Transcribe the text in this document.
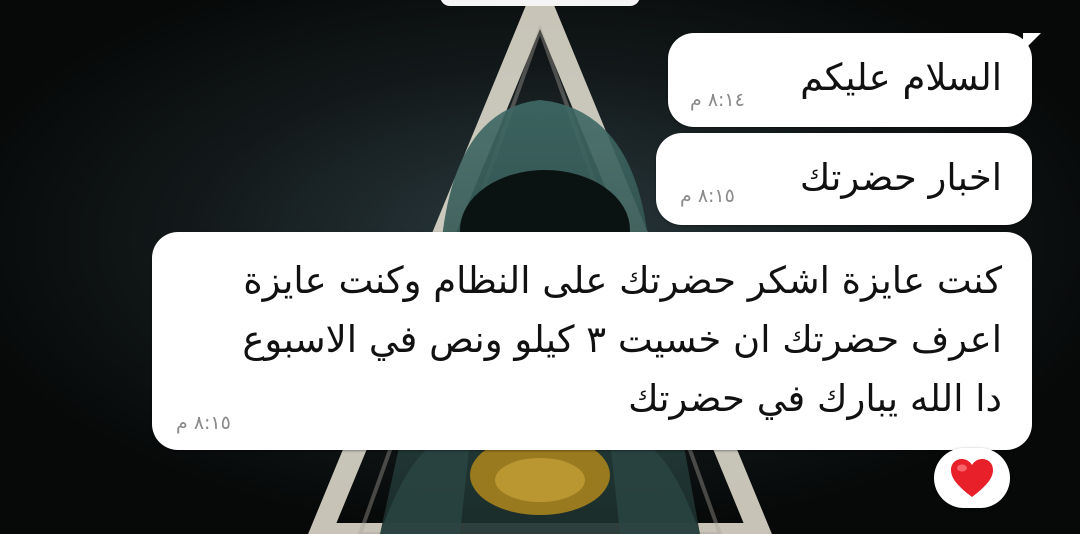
السلام عليكم
٨:١٤ م
اخبار حضرتك
٨:١٥ م
كنت عايزة اشكر حضرتك على النظام وكنت عايزة
اعرف حضرتك ان خسيت ٣ كيلو ونص في الاسبوع
دا الله يبارك في حضرتك
٨:١٥ م
